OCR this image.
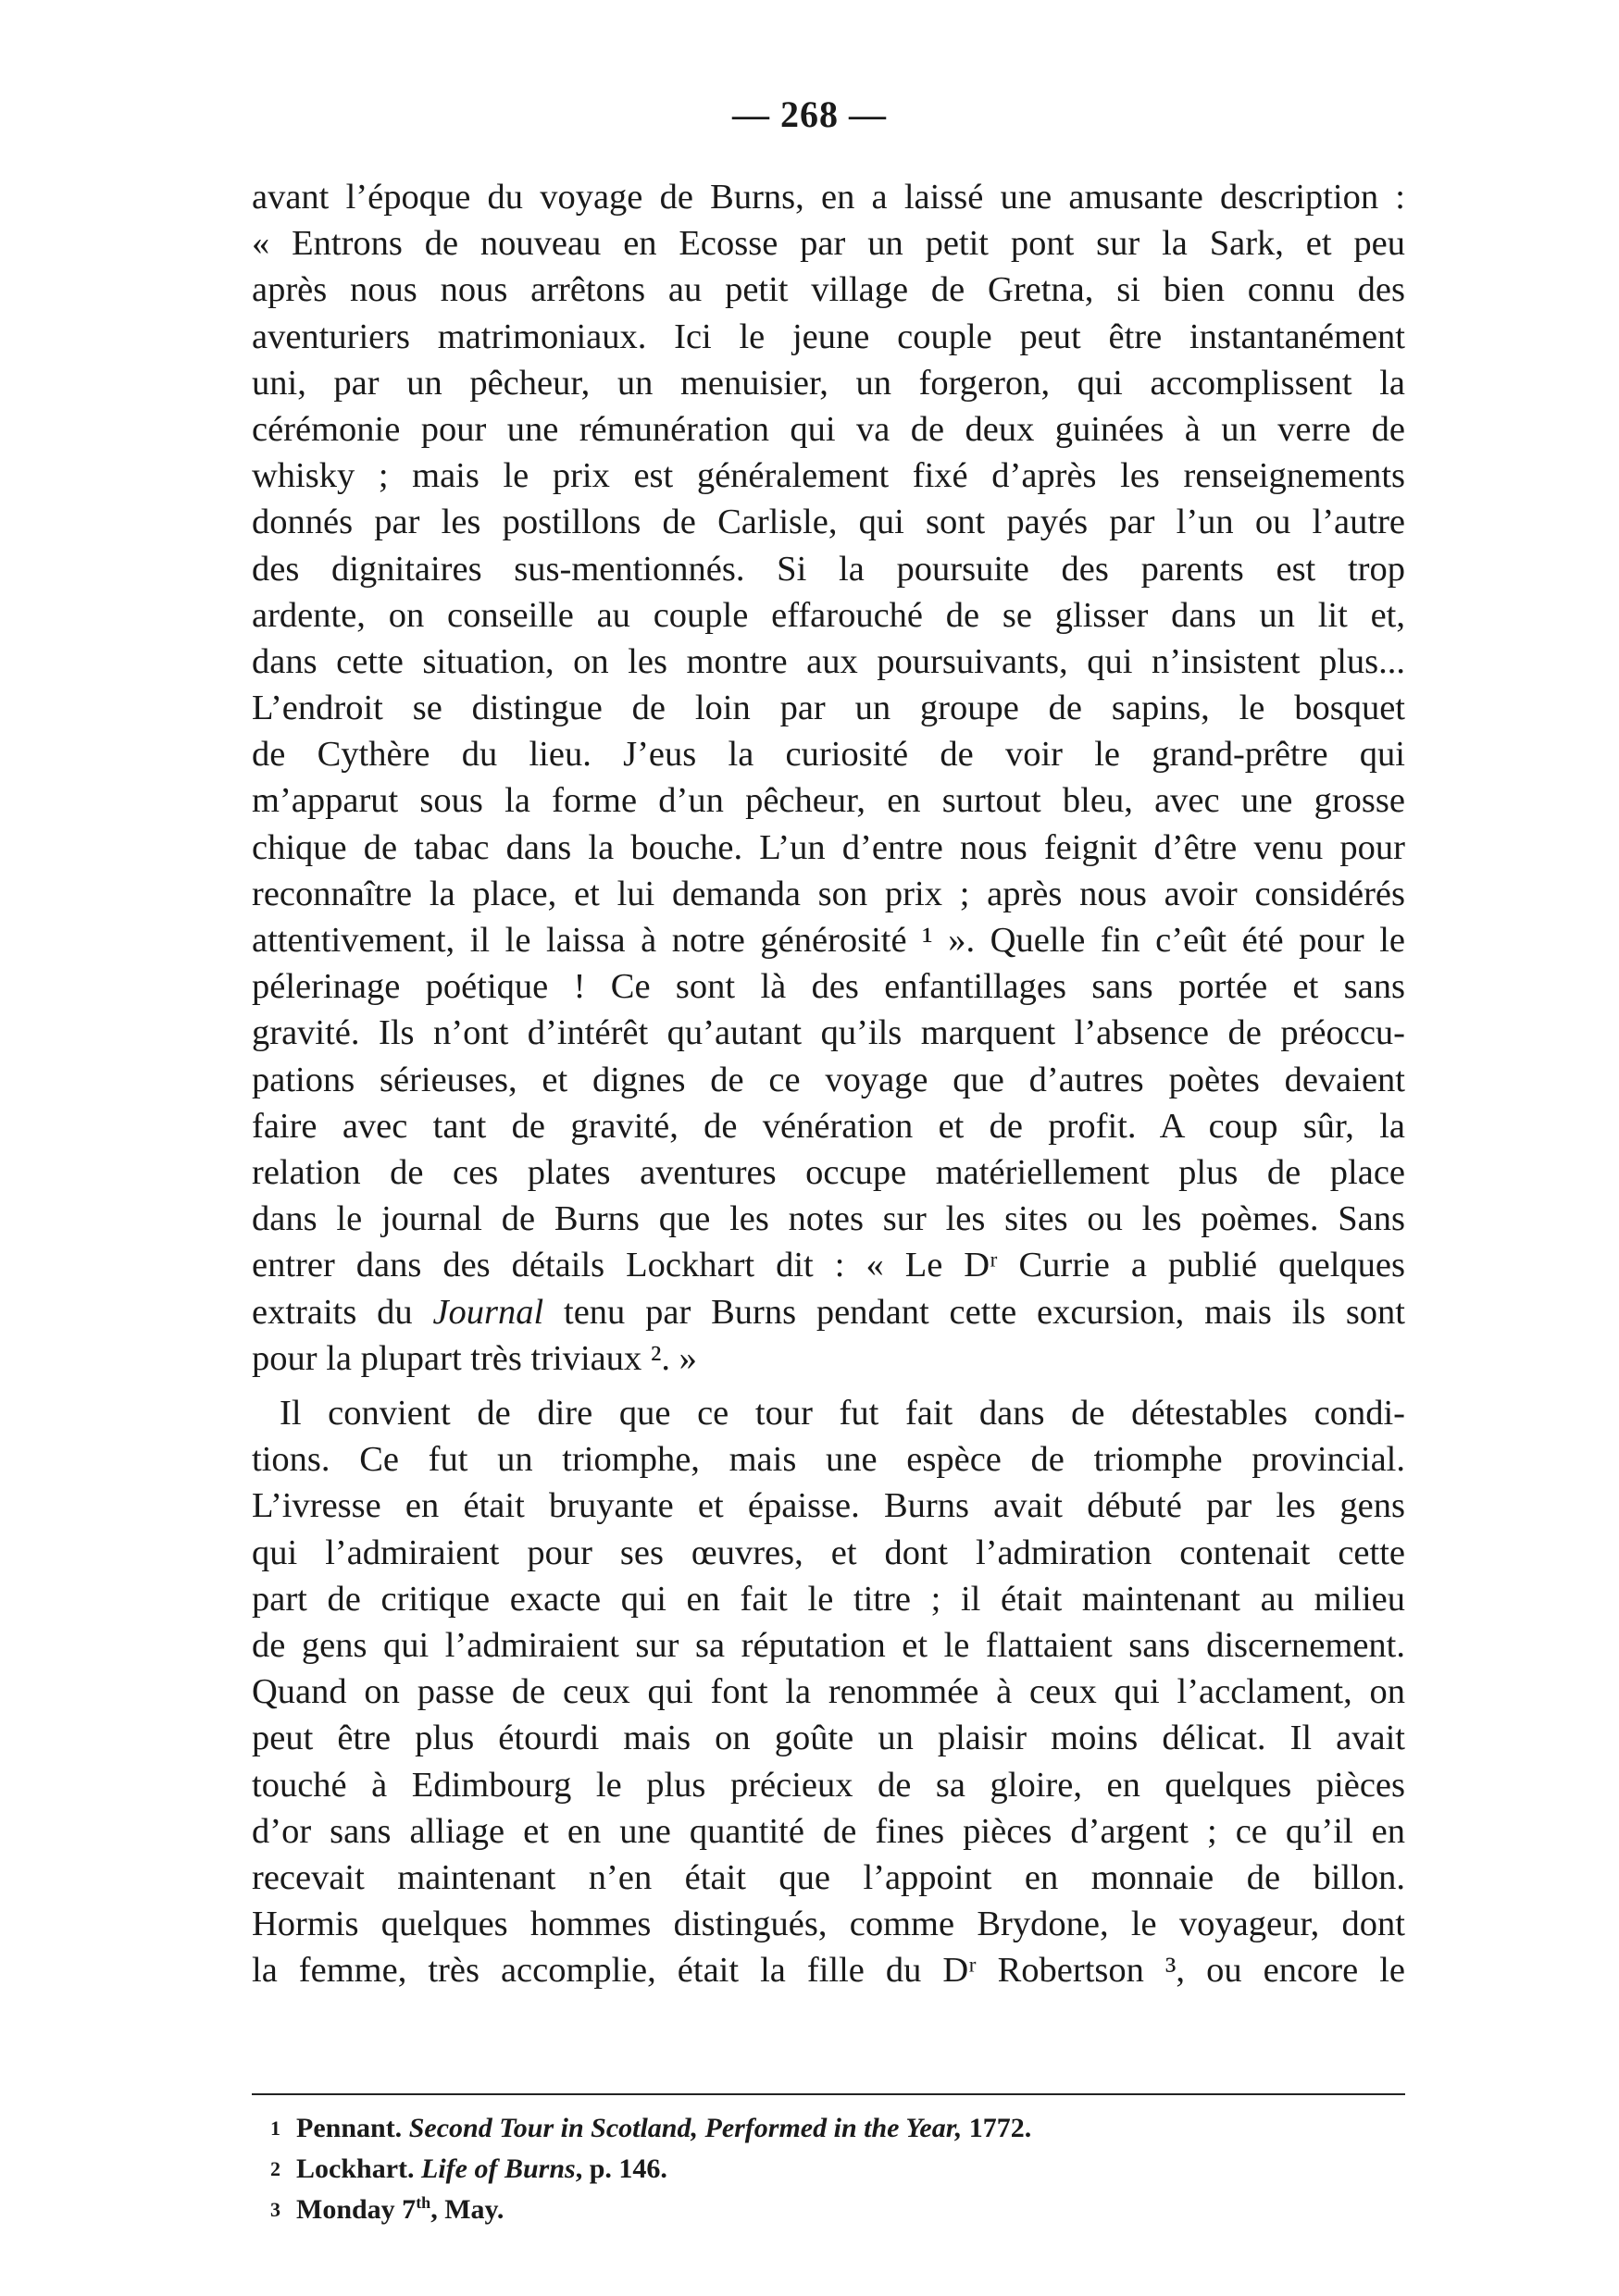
— 268 —
avant l’époque du voyage de Burns, en a laissé une amusante description :
« Entrons de nouveau en Ecosse par un petit pont sur la Sark, et peu
après nous nous arrêtons au petit village de Gretna, si bien connu des
aventuriers matrimoniaux. Ici le jeune couple peut être instantanément
uni, par un pêcheur, un menuisier, un forgeron, qui accomplissent la
cérémonie pour une rémunération qui va de deux guinées à un verre de
whisky ; mais le prix est généralement fixé d’après les renseignements
donnés par les postillons de Carlisle, qui sont payés par l’un ou l’autre
des dignitaires sus-mentionnés. Si la poursuite des parents est trop
ardente, on conseille au couple effarouché de se glisser dans un lit et,
dans cette situation, on les montre aux poursuivants, qui n’insistent plus...
L’endroit se distingue de loin par un groupe de sapins, le bosquet
de Cythère du lieu. J’eus la curiosité de voir le grand-prêtre qui
m’apparut sous la forme d’un pêcheur, en surtout bleu, avec une grosse
chique de tabac dans la bouche. L’un d’entre nous feignit d’être venu pour
reconnaître la place, et lui demanda son prix ; après nous avoir considérés
attentivement, il le laissa à notre générosité ¹ ». Quelle fin c’eût été pour le
pélerinage poétique ! Ce sont là des enfantillages sans portée et sans
gravité. Ils n’ont d’intérêt qu’autant qu’ils marquent l’absence de préoccu-
pations sérieuses, et dignes de ce voyage que d’autres poètes devaient
faire avec tant de gravité, de vénération et de profit. A coup sûr, la
relation de ces plates aventures occupe matériellement plus de place
dans le journal de Burns que les notes sur les sites ou les poèmes. Sans
entrer dans des détails Lockhart dit : « Le Dʳ Currie a publié quelques
extraits du Journal tenu par Burns pendant cette excursion, mais ils sont
pour la plupart très triviaux ². »
Il convient de dire que ce tour fut fait dans de détestables condi-
tions. Ce fut un triomphe, mais une espèce de triomphe provincial.
L’ivresse en était bruyante et épaisse. Burns avait débuté par les gens
qui l’admiraient pour ses œuvres, et dont l’admiration contenait cette
part de critique exacte qui en fait le titre ; il était maintenant au milieu
de gens qui l’admiraient sur sa réputation et le flattaient sans discernement.
Quand on passe de ceux qui font la renommée à ceux qui l’acclament, on
peut être plus étourdi mais on goûte un plaisir moins délicat. Il avait
touché à Edimbourg le plus précieux de sa gloire, en quelques pièces
d’or sans alliage et en une quantité de fines pièces d’argent ; ce qu’il en
recevait maintenant n’en était que l’appoint en monnaie de billon.
Hormis quelques hommes distingués, comme Brydone, le voyageur, dont
la femme, très accomplie, était la fille du Dʳ Robertson ³, ou encore le
1 Pennant. Second Tour in Scotland, Performed in the Year, 1772.
2 Lockhart. Life of Burns, p. 146.
3 Monday 7th, May.
